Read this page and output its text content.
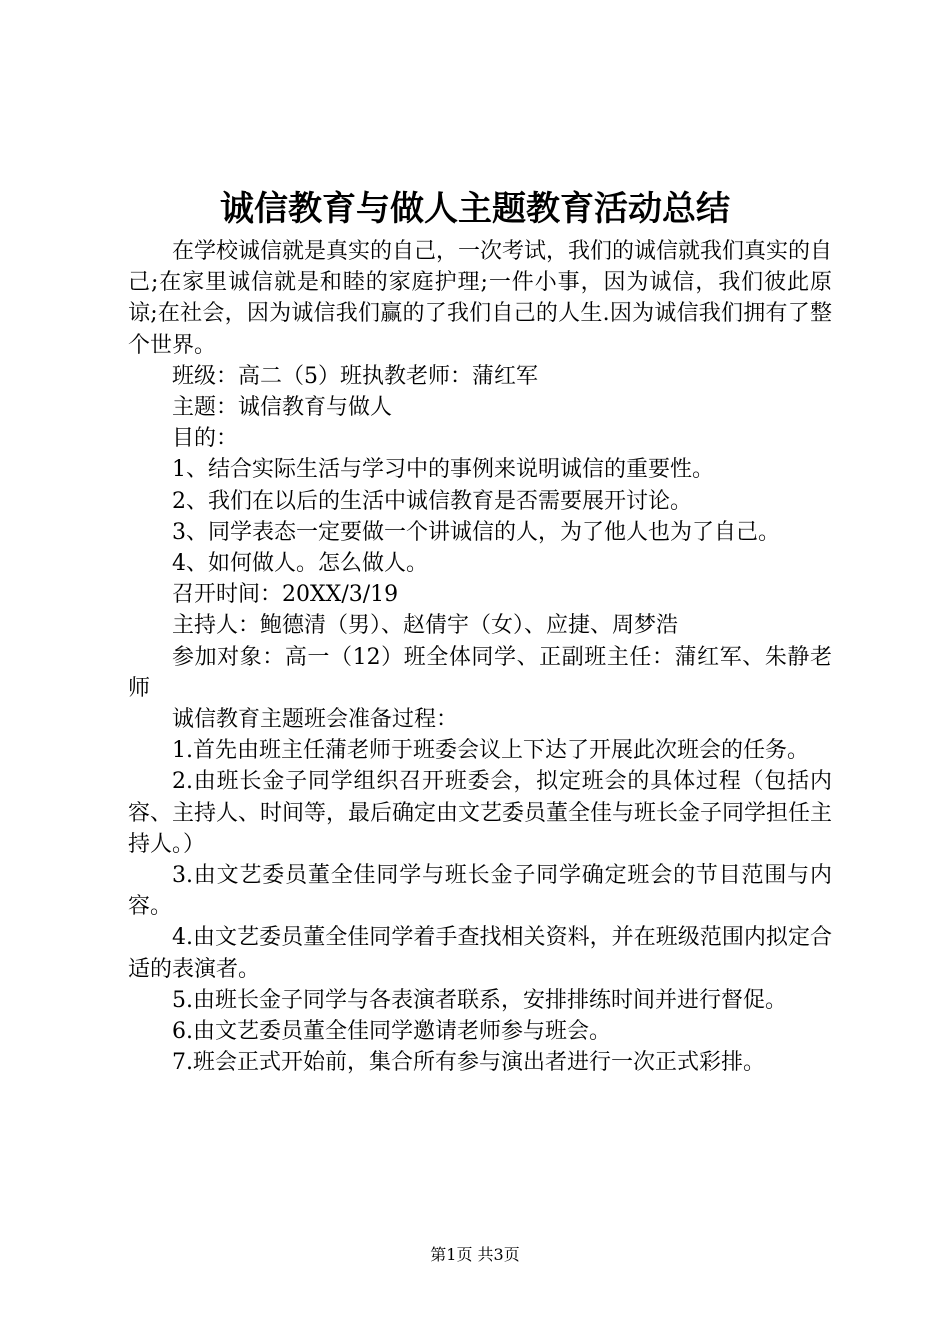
诚信教育与做人主题教育活动总结

在学校诚信就是真实的自己，一次考试，我们的诚信就我们真实的自己;在家里诚信就是和睦的家庭护理;一件小事，因为诚信，我们彼此原谅;在社会，因为诚信我们赢的了我们自己的人生.因为诚信我们拥有了整个世界。

班级：高二（5）班执教老师：蒲红军

主题：诚信教育与做人

目的：

1、结合实际生活与学习中的事例来说明诚信的重要性。

2、我们在以后的生活中诚信教育是否需要展开讨论。

3、同学表态一定要做一个讲诚信的人，为了他人也为了自己。

4、如何做人。怎么做人。

召开时间：20XX/3/19

主持人：鲍德清（男）、赵倩宇（女）、应捷、周梦浩

参加对象：高一（12）班全体同学、正副班主任：蒲红军、朱静老师

诚信教育主题班会准备过程：

1.首先由班主任蒲老师于班委会议上下达了开展此次班会的任务。

2.由班长金子同学组织召开班委会，拟定班会的具体过程（包括内容、主持人、时间等，最后确定由文艺委员董全佳与班长金子同学担任主持人。）

3.由文艺委员董全佳同学与班长金子同学确定班会的节目范围与内容。

4.由文艺委员董全佳同学着手查找相关资料，并在班级范围内拟定合适的表演者。

5.由班长金子同学与各表演者联系，安排排练时间并进行督促。

6.由文艺委员董全佳同学邀请老师参与班会。

7.班会正式开始前，集合所有参与演出者进行一次正式彩排。

第1页 共3页
